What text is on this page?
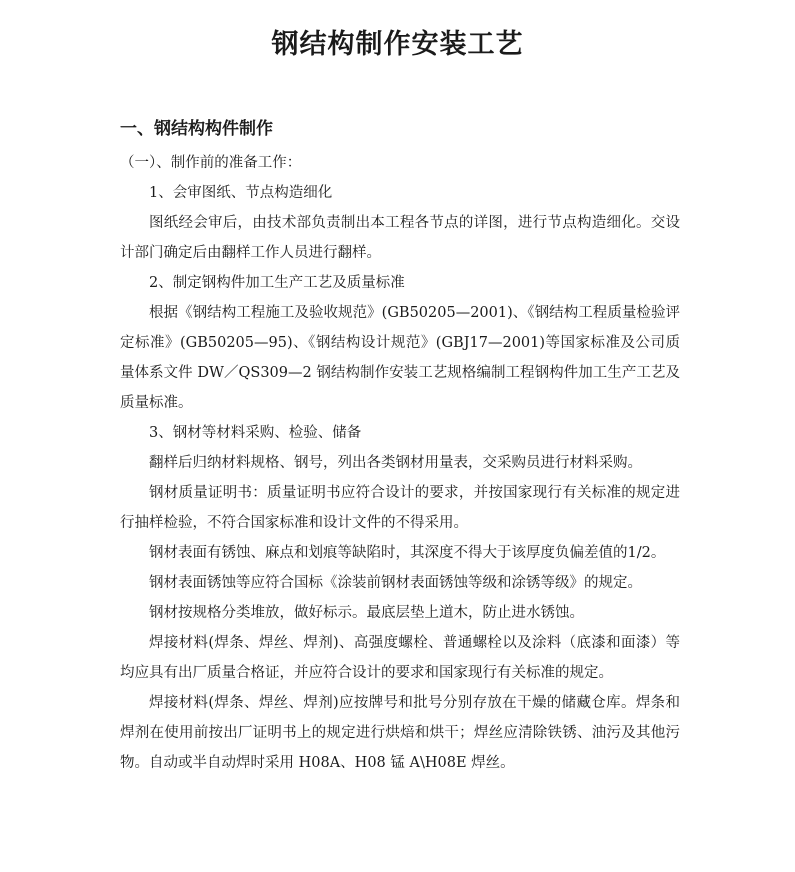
钢结构制作安装工艺
一、钢结构构件制作

（一）、制作前的准备工作：

1、会审图纸、节点构造细化

图纸经会审后，由技术部负责制出本工程各节点的详图，进行节点构造细化。交设计部门确定后由翻样工作人员进行翻样。

2、制定钢构件加工生产工艺及质量标准

根据《钢结构工程施工及验收规范》(GB50205—2001)、《钢结构工程质量检验评定标准》(GB50205—95)、《钢结构设计规范》(GBJ17—2001)等国家标准及公司质量体系文件 DW／QS309—2 钢结构制作安装工艺规格编制工程钢构件加工生产工艺及质量标准。

3、钢材等材料采购、检验、储备

翻样后归纳材料规格、钢号，列出各类钢材用量表，交采购员进行材料采购。

钢材质量证明书：质量证明书应符合设计的要求，并按国家现行有关标准的规定进行抽样检验，不符合国家标准和设计文件的不得采用。

钢材表面有锈蚀、麻点和划痕等缺陷时，其深度不得大于该厚度负偏差值的1/2。

钢材表面锈蚀等应符合国标《涂装前钢材表面锈蚀等级和涂锈等级》的规定。

钢材按规格分类堆放，做好标示。最底层垫上道木，防止进水锈蚀。

焊接材料(焊条、焊丝、焊剂)、高强度螺栓、普通螺栓以及涂料（底漆和面漆）等均应具有出厂质量合格证，并应符合设计的要求和国家现行有关标准的规定。

焊接材料(焊条、焊丝、焊剂)应按牌号和批号分别存放在干燥的储藏仓库。焊条和焊剂在使用前按出厂证明书上的规定进行烘焙和烘干；焊丝应清除铁锈、油污及其他污物。自动或半自动焊时采用 H08A、H08 锰 A\H08E 焊丝。
